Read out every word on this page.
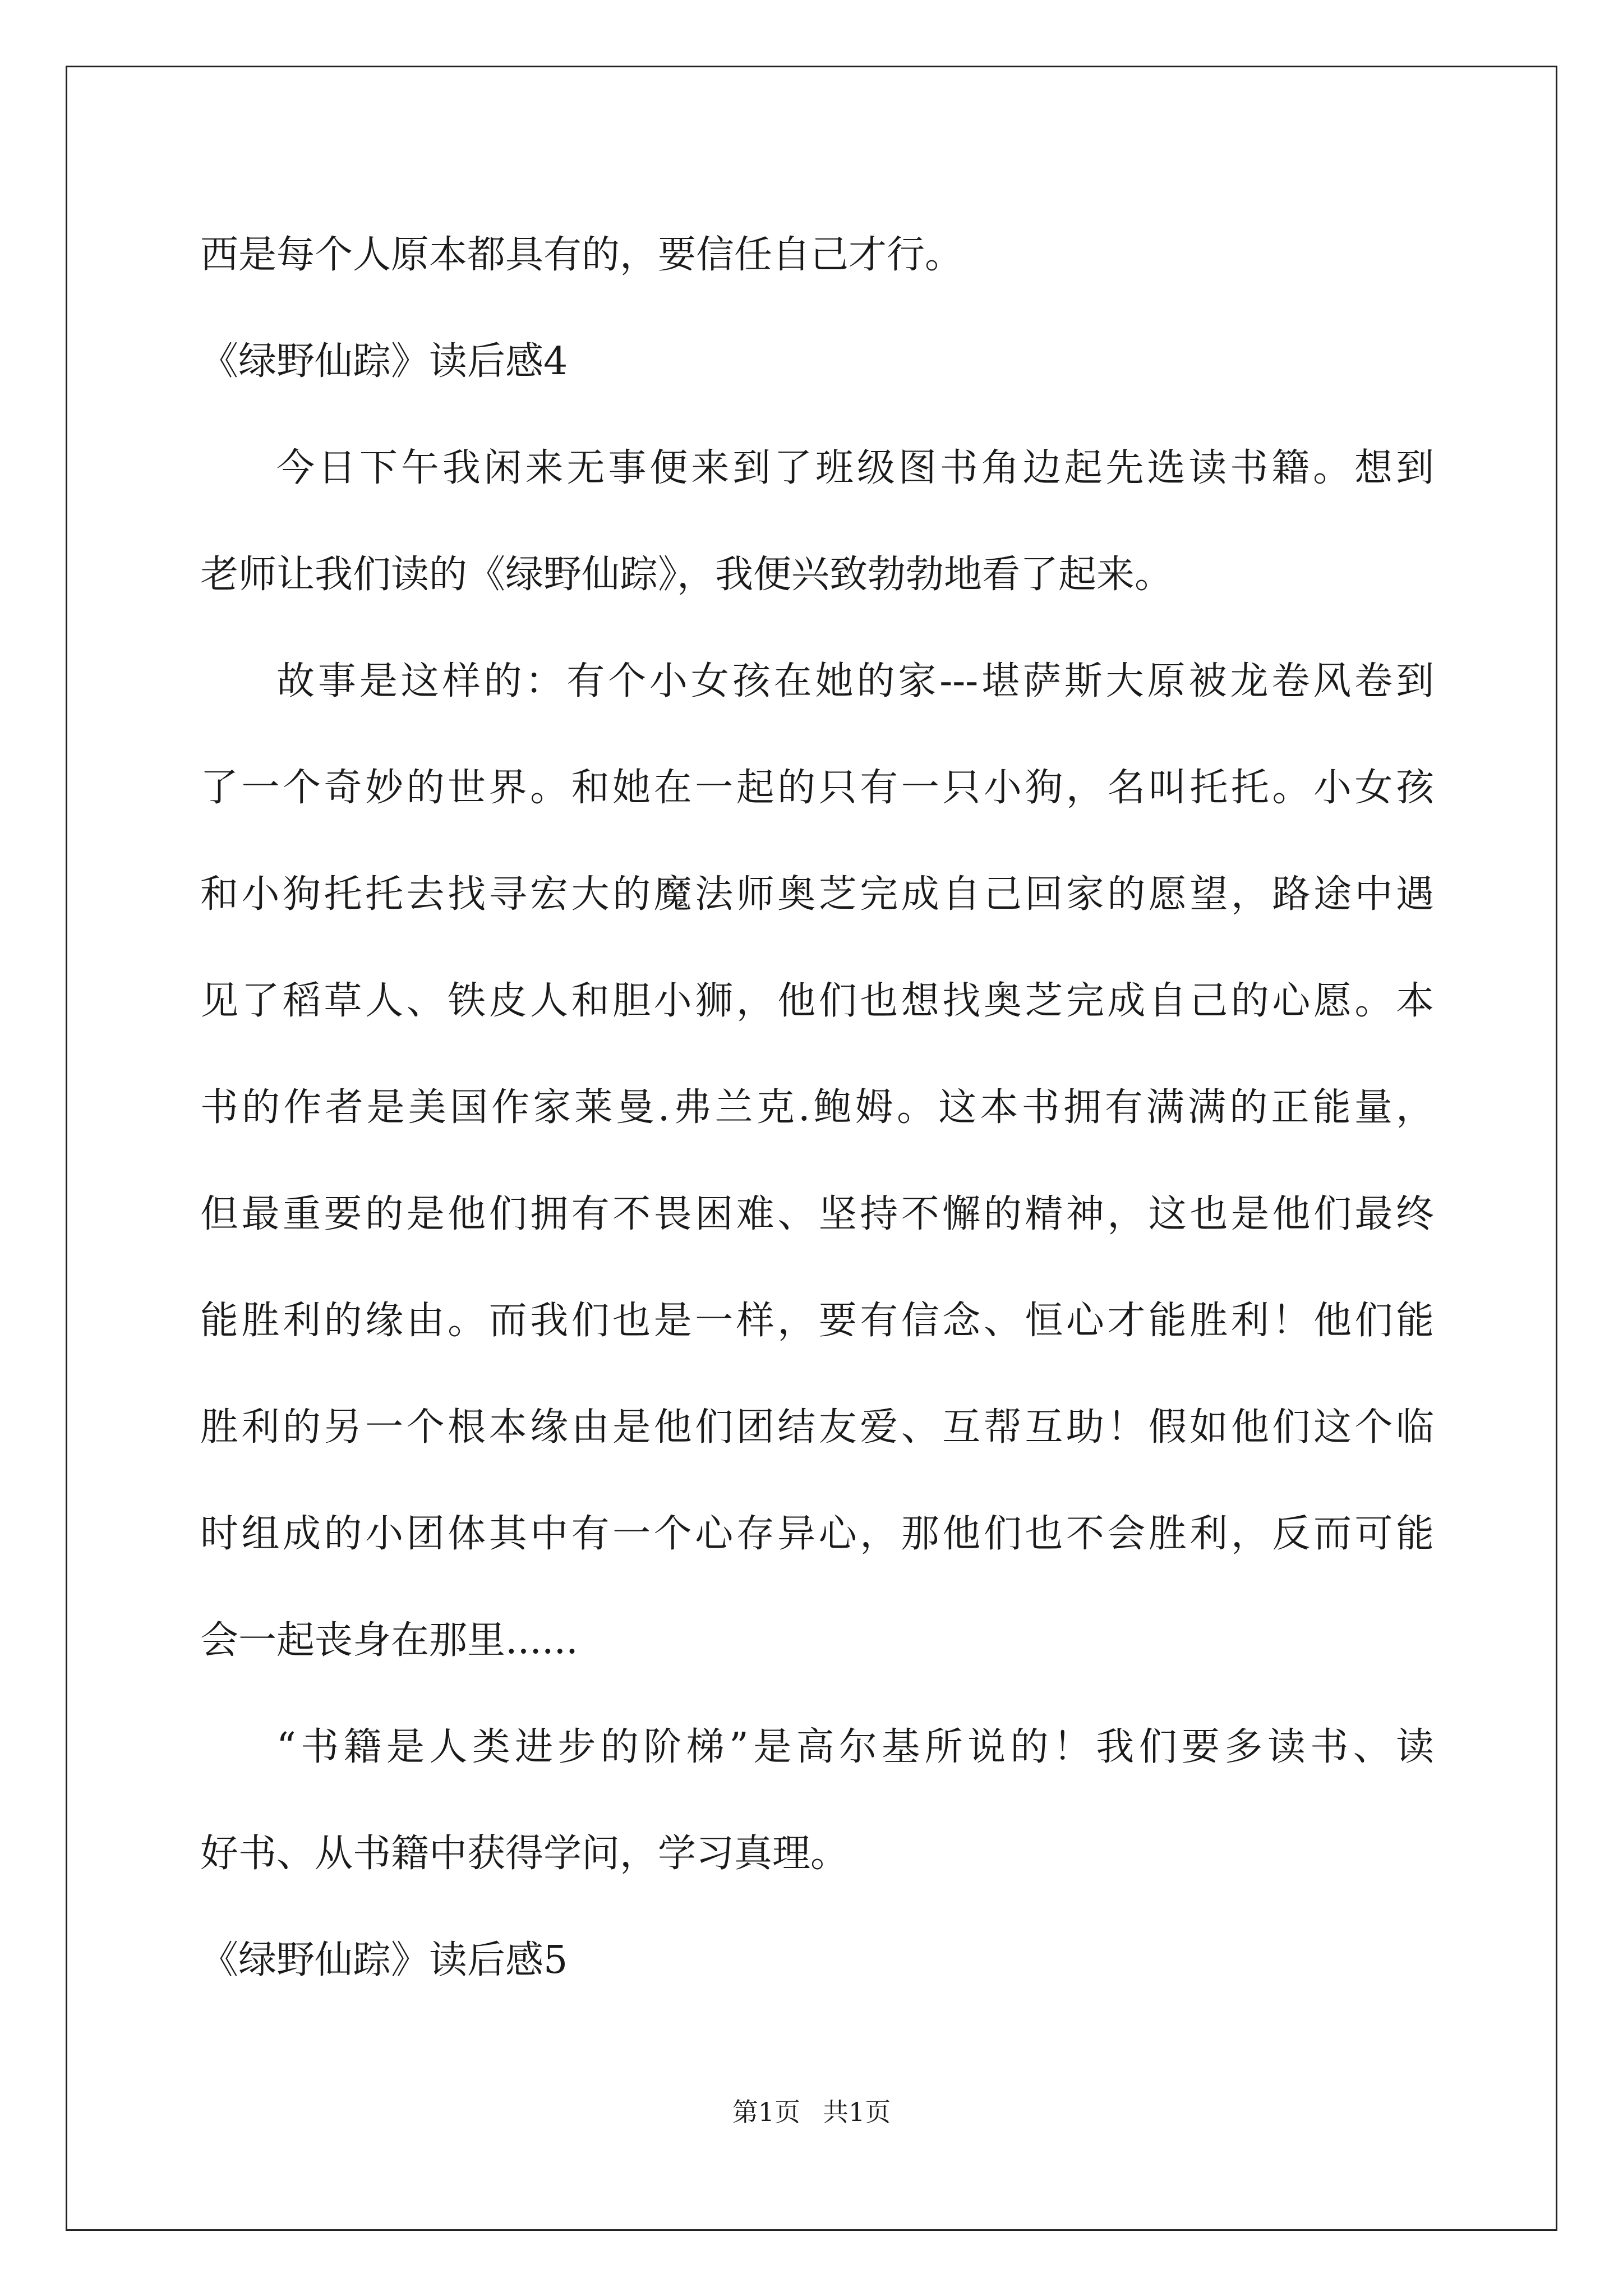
西是每个人原本都具有的，要信任自己才行。
《绿野仙踪》读后感4
今日下午我闲来无事便来到了班级图书角边起先选读书籍。想到
老师让我们读的《绿野仙踪》，我便兴致勃勃地看了起来。
故事是这样的：有个小女孩在她的家---堪萨斯大原被龙卷风卷到
了一个奇妙的世界。和她在一起的只有一只小狗，名叫托托。小女孩
和小狗托托去找寻宏大的魔法师奥芝完成自己回家的愿望，路途中遇
见了稻草人、铁皮人和胆小狮，他们也想找奥芝完成自己的心愿。本
书的作者是美国作家莱曼.弗兰克.鲍姆。这本书拥有满满的正能量，
但最重要的是他们拥有不畏困难、坚持不懈的精神，这也是他们最终
能胜利的缘由。而我们也是一样，要有信念、恒心才能胜利！他们能
胜利的另一个根本缘由是他们团结友爱、互帮互助！假如他们这个临
时组成的小团体其中有一个心存异心，那他们也不会胜利，反而可能
会一起丧身在那里......
“书籍是人类进步的阶梯”是高尔基所说的！我们要多读书、读
好书、从书籍中获得学问，学习真理。
《绿野仙踪》读后感5
第1页 共1页
